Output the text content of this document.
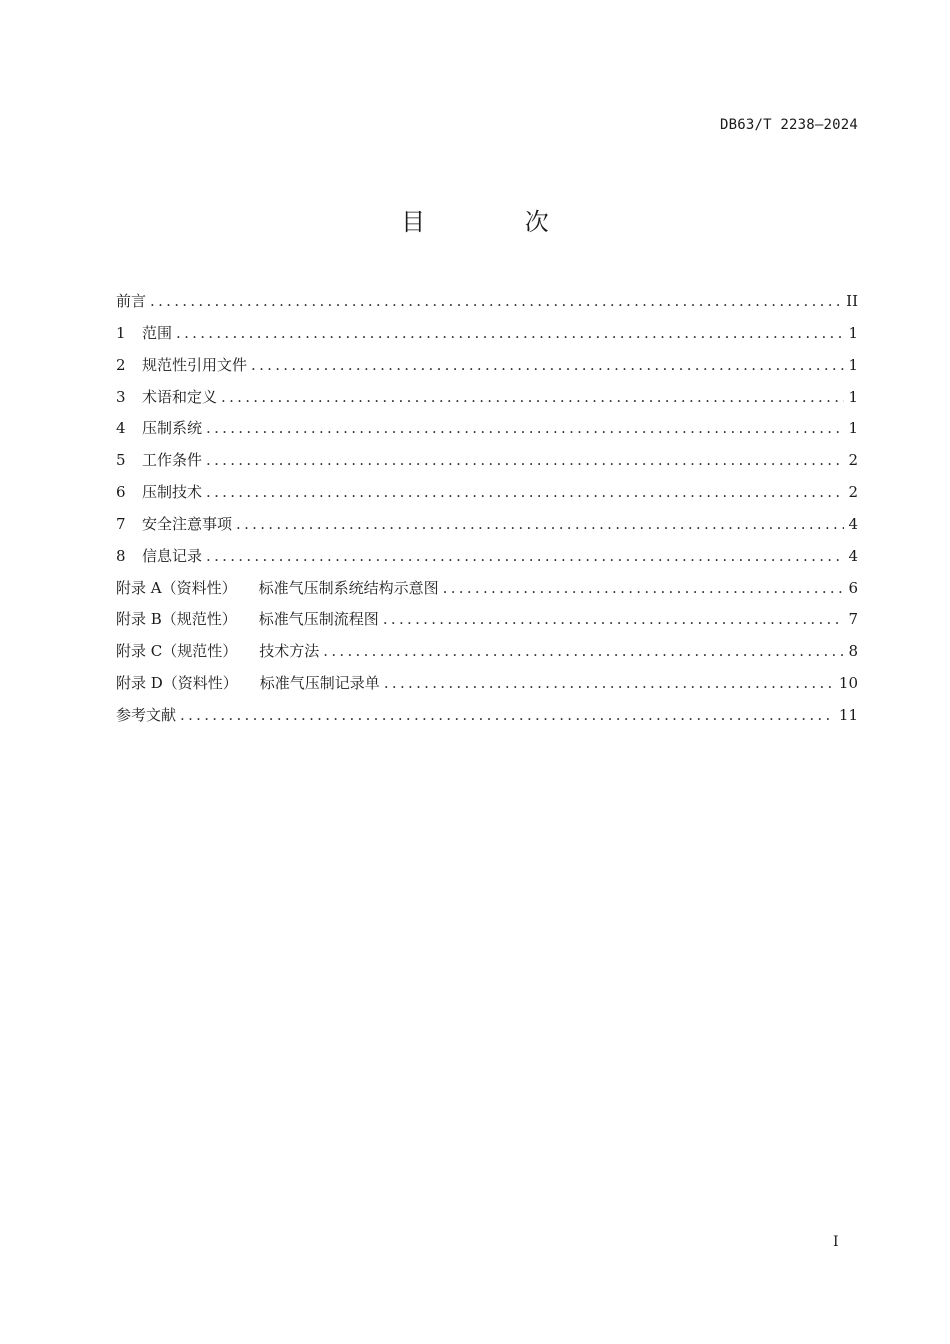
DB63/T 2238—2024
目 次
前言 .....	II
1 范围 .....	1
2 规范性引用文件 .....	1
3 术语和定义 .....	1
4 压制系统 .....	1
5 工作条件 .....	2
6 压制技术 .....	2
7 安全注意事项 .....	4
8 信息记录 .....	4
附录 A（资料性） 标准气压制系统结构示意图 .....	6
附录 B（规范性） 标准气压制流程图 .....	7
附录 C（规范性） 技术方法 .....	8
附录 D（资料性） 标准气压制记录单 .....	10
参考文献 .....	11
I
